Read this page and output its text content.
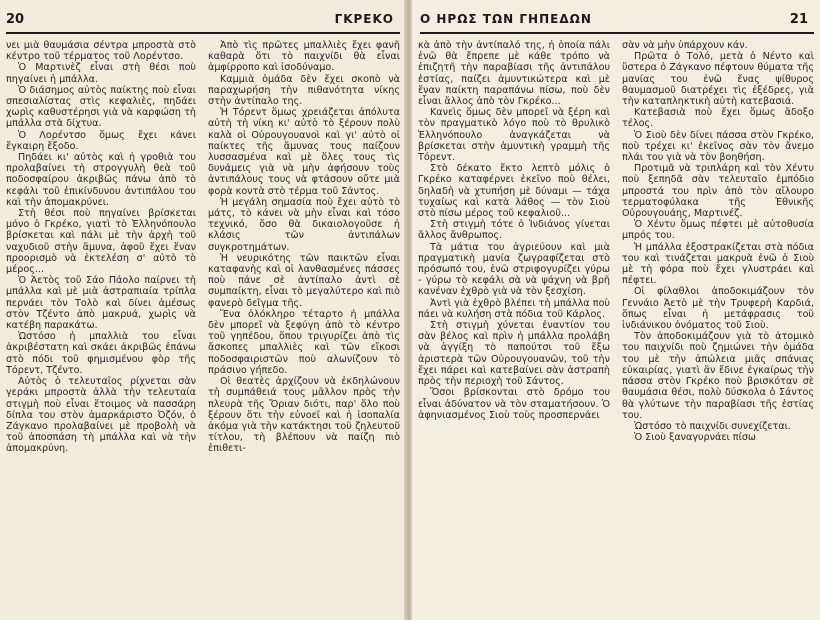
20	ΓΚΡΕΚΟ

νει μιὰ θαυμάσια σέντρα μπροστὰ στὸ κέντρο τοῦ τέρματος τοῦ Λορέντσο.

Ὁ Μαρτινὲζ εἶναι στὴ θέσι ποὺ πηγαίνει ἡ μπάλλα.

Ὁ διάσημος αὐτὸς παίκτης ποὺ εἶναι σπεσιαλίστας στὶς κεφαλιὲς, πηδάει χωρὶς καθυστέρησι γιὰ νὰ καρφώση τὴ μπάλλα στὰ δίχτυα.

Ὁ Λορέντσο ὅμως ἔχει κάνει ἔγκαιρη ἔξοδο.

Πηδάει κι' αὐτὸς καὶ ἡ γροθιὰ του προλαβαίνει τὴ στρογγυλὴ θεὰ τοῦ ποδοσφαίρου ἀκριβῶς πάνω ἀπὸ τὸ κεφάλι τοῦ ἐπικίνδυνου ἀντιπάλου του καὶ τὴν ἀπομακρύνει.

Στὴ θέσι ποὺ πηγαίνει βρίσκεται μόνο ὁ Γκρέκο, γιατὶ τὸ Ἑλληνόπουλο βρίσκεται καὶ πάλι μὲ τὴν ἀρχὴ τοῦ ναχυδιοῦ στὴν ἄμυνα, ἀφοῦ ἔχει ἕναν προορισμὸ νὰ ἐκτελέση σ' αὐτὸ τὸ μέρος...

Ὁ Ἀετὸς τοῦ Σάο Πάολο παίρνει τὴ μπάλλα καὶ μὲ μιὰ ἀστραπιαία τρίπλα περνάει τὸν Τολὸ καὶ δίνει ἀμέσως στὸν Τζέντο ἀπὸ μακρυά, χωρὶς νὰ κατέβη παρακάτω.

Ὡστόσο ἡ μπαλλιὰ του εἶναι ἀκριβέστατη καὶ σκάει ἀκριβῶς ἐπάνω στὸ πόδι τοῦ φημισμένου φὸρ τῆς Τόρεντ, Τζέντο.

Αὐτὸς ὁ τελευταῖος ρίχνεται σὰν γεράκι μπροστὰ ἀλλὰ τὴν τελευταία στιγμὴ ποὺ εἶναι ἕτοιμος νὰ πασσάρη δίπλα του στὸν ἀμαρκάριστο Ὀζόν, ὁ Ζάγκανο προλαβαίνει μὲ προβολὴ νὰ τοῦ ἀποσπάση τὴ μπάλλα καὶ νὰ τὴν ἀπομακρύνη.

Ἀπὸ τὶς πρῶτες μπαλλιὲς ἔχει φανῆ καθαρὰ ὅτι τὸ παιχνίδι θὰ εἶναι ἀμφίρροπο καὶ ἰσοδύναμο.

Καμμιὰ ὁμάδα δὲν ἔχει σκοπὸ νὰ παραχωρήση τὴν πιθανότητα νίκης στὴν ἀντίπαλο της.

Ἡ Τόρεντ ὅμως χρειάζεται ἀπόλυτα αὐτὴ τὴ νίκη κι' αὐτὸ τὸ ξέρουν πολὺ καλὰ οἱ Οὐρουγουανοὶ καὶ γι' αὐτὸ οἱ παίκτες τῆς ἄμυνας τους παίζουν λυσσασμένα καὶ μὲ ὅλες τους τὶς δυνάμεις γιὰ νὰ μὴν ἀφήσουν τοὺς ἀντιπάλους τους νὰ φτάσουν οὔτε μιὰ φορὰ κοντὰ στὸ τέρμα τοῦ Σάντος.

Ἡ μεγάλη σημασία ποὺ ἔχει αὐτὸ τὸ μάτς, τὸ κάνει νὰ μὴν εἶναι καὶ τόσο τεχνικό, ὅσο θὰ δικαιολογοῦσε ἡ κλάσις τῶν ἀντιπάλων συγκροτημάτων.

Ἡ νευρικότης τῶν παικτῶν εἶναι καταφανὴς καὶ οἱ λανθασμένες πάσσες ποὺ πάνε σὲ ἀντίπαλο ἀντὶ σὲ συμπαίκτη, εἶναι τὸ μεγαλύτερο καὶ πιὸ φανερὸ δεῖγμα τῆς.

Ἕνα ὁλόκληρο τέταρτο ἡ μπάλλα δὲν μπορεῖ νὰ ξεφύγη ἀπὸ τὸ κέντρο τοῦ γηπέδου, ὅπου τριγυρίζει ἀπὸ τὶς ἄσκοπες μπαλλιὲς καὶ τῶν εἴκοσι ποδοσφαιριστῶν ποὺ αλωνίζουν τὸ πράσινο γήπεδο.

Οἱ θεατὲς ἀρχίζουν νὰ ἐκδηλώνουν τὴ συμπάθειά τους μᾶλλον πρὸς τὴν πλευρὰ τῆς Ὄριαν διότι, παρ' ὅλο ποὺ ξέρουν ὅτι τὴν εὐνοεῖ καὶ ἡ ἰσοπαλία ἀκόμα γιὰ τὴν κατάκτησι τοῦ ζηλευτοῦ τίτλου, τὴ βλέπουν νὰ παίζη πιὸ ἐπιθετι-

Ο ΗΡΩΣ ΤΩΝ ΓΗΠΕΔΩΝ	21

κὰ ἀπὸ τὴν ἀντίπαλό της, ἡ ὁποία πάλι ἐνῶ θὰ ἔπρεπε μὲ κάθε τρόπο νὰ ἐπιζητῆ τὴν παραβίασι τῆς ἀντιπάλου ἑστίας, παίζει ἀμυντικώτερα καὶ μὲ ἕναν παίκτη παραπάνω πίσω, ποὺ δὲν εἶναι ἄλλος ἀπὸ τὸν Γκρέκο...

Κανεὶς ὅμως δὲν μπορεῖ νὰ ξέρη καὶ τὸν πραγματικὸ λόγο ποὺ τὸ θρυλικὸ Ἑλληνόπουλο ἀναγκάζεται νὰ βρίσκεται στὴν ἀμυντικὴ γραμμὴ τῆς Τόρεντ.

Στὸ δέκατο ἕκτο λεπτὸ μόλις ὁ Γκρέκο καταφέρνει ἐκεῖνο ποὺ θέλει, δηλαδὴ νὰ χτυπήση μὲ δύναμι — τάχα τυχαίως καὶ κατὰ λάθος — τὸν Σιοὺ στὸ πίσω μέρος τοῦ κεφαλιοῦ...

Στὴ στιγμὴ τότε ὁ Ἰνδιάνος γίνεται ἄλλος ἄνθρωπος.

Τὰ μάτια του ἀγριεύουν καὶ μιὰ πραγματικὴ μανία ζωγραφίζεται στὸ πρόσωπό του, ἐνῶ στριφογυρίζει γύρω - γύρω τὸ κεφάλι σὰ νὰ ψάχνη νὰ βρῆ κανέναν ἐχθρὸ γιὰ νὰ τὸν ξεσχίση.

Ἀντὶ γιὰ ἐχθρὸ βλέπει τὴ μπάλλα ποὺ πάει νὰ κυλήση στὰ πόδια τοῦ Κάρλος.

Στὴ στιγμὴ χύνεται ἐναντίον του σὰν βέλος καὶ πρὶν ἡ μπάλλα προλάβη νὰ ἀγγίξη τὸ παπούτσι τοῦ ἔξω ἀριστερὰ τῶν Οὐρουγουανῶν, τοῦ τὴν ἔχει πάρει καὶ κατεβαίνει σὰν ἀστραπὴ πρὸς τὴν περιοχὴ τοῦ Σάντος.

Ὅσοι βρίσκονται στὸ δρόμο του εἶναι ἀδύνατον νὰ τὸν σταματήσουν. Ὁ ἀφηνιασμένος Σιοὺ τοὺς προσπερνάει

σὰν νὰ μὴν ὑπάρχουν κάν.

Πρῶτα ὁ Τολό, μετὰ ὁ Νέντο καὶ ὕστερα ὁ Ζάγκανο πέφτουν θύματα τῆς μανίας του ἐνῶ ἕνας ψίθυρος θαυμασμοῦ διατρέχει τὶς ἐξέδρες, γιὰ τὴν καταπληκτικὴ αὐτὴ κατεβασιά.

Κατεβασιὰ ποὺ ἔχει ὅμως ἄδοξο τέλος.

Ὁ Σιοὺ δὲν δίνει πάσσα στὸν Γκρέκο, ποὺ τρέχει κι' ἐκεῖνος σὰν τὸν ἄνεμο πλάι του γιὰ νὰ τὸν βοηθήση.

Προτιμᾶ νὰ τριπλάρη καὶ τὸν Χέντυ ποὺ ξεπηδᾶ σὰν τελευταῖο ἐμπόδιο μπροστά του πρὶν ἀπὸ τὸν αἴλουρο τερματοφύλακα τῆς Ἐθνικῆς Οὐρουγουάης, Μαρτινέζ.

Ὁ Χέντυ ὅμως πέφτει μὲ αὐτοθυσία μπρός του.

Ἡ μπάλλα ἐξοστρακίζεται στὰ πόδια του καὶ τινάζεται μακρυὰ ἐνῶ ὁ Σιοὺ μὲ τὴ φόρα ποὺ ἔχει γλυστράει καὶ πέφτει.

Οἱ φίλαθλοι ἀποδοκιμάζουν τὸν Γεννάιο Ἀετὸ μὲ τὴν Τρυφερὴ Καρδιά, ὅπως εἶναι ἡ μετάφρασις τοῦ ἰνδιάνικου ὀνόματος τοῦ Σιοὺ.

Τὸν ἀποδοκιμάζουν γιὰ τὸ ἀτομικὸ του παιχνίδι ποὺ ζημιώνει τὴν ὁμάδα του μὲ τὴν ἀπώλεια μιᾶς σπάνιας εὐκαιρίας, γιατὶ ἂν ἔδινε ἐγκαίρως τὴν πάσσα στὸν Γκρέκο ποὺ βρισκόταν σὲ θαυμάσια θέσι, πολὺ δύσκολα ὁ Σάντος θὰ γλύτωνε τὴν παραβίασι τῆς ἑστίας του.

Ὡστόσο τὸ παιχνίδι συνεχίζεται.

Ὁ Σιοὺ ξαναγυρνάει πίσω
